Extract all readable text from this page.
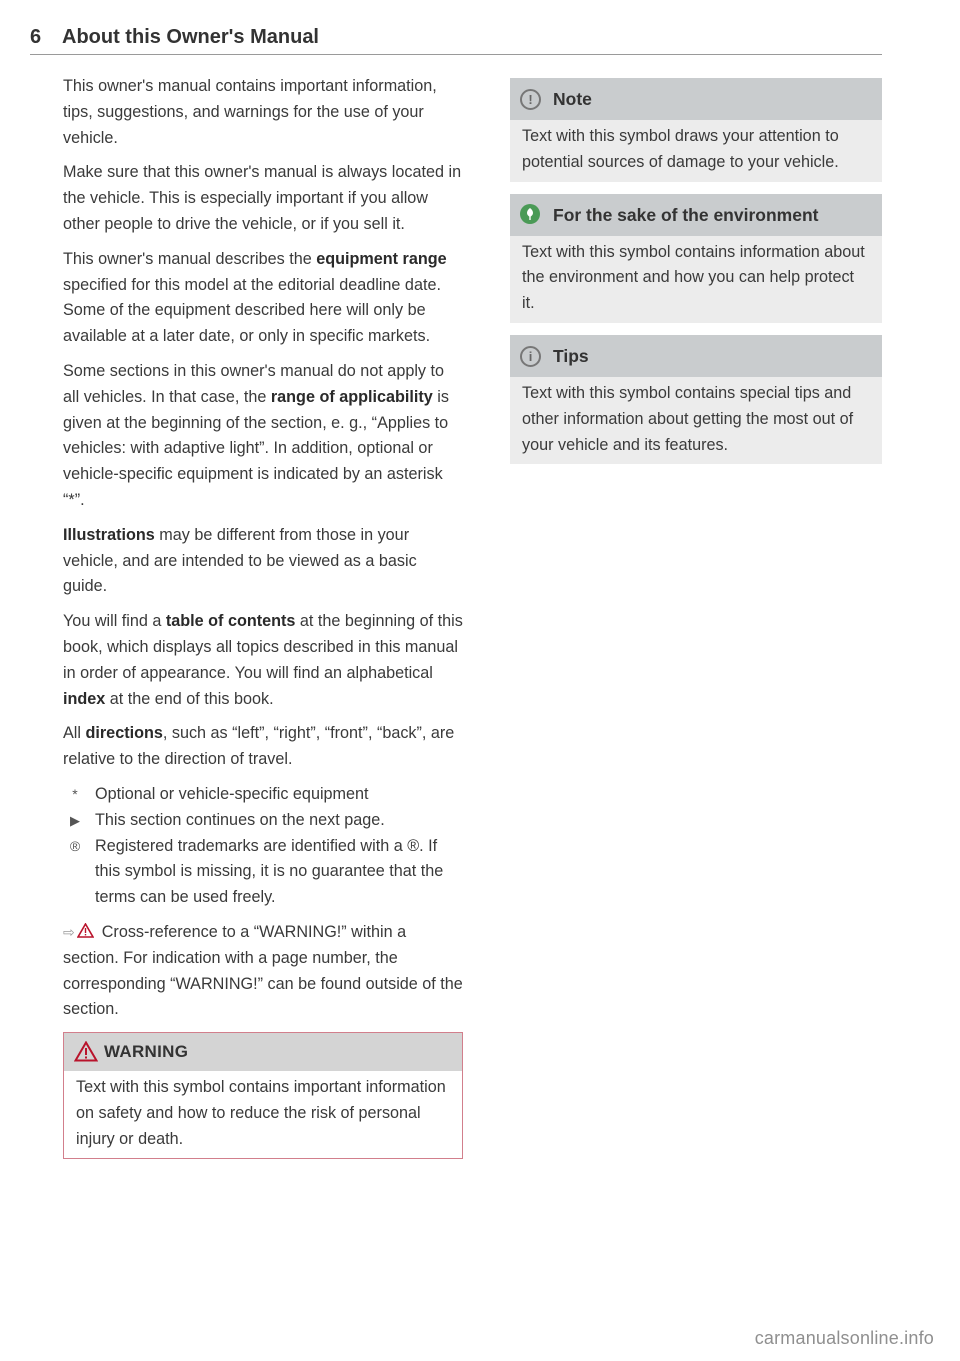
6 About this Owner's Manual

This owner's manual contains important information, tips, suggestions, and warnings for the use of your vehicle.

Make sure that this owner's manual is always located in the vehicle. This is especially important if you allow other people to drive the vehicle, or if you sell it.

This owner's manual describes the equipment range specified for this model at the editorial deadline date. Some of the equipment described here will only be available at a later date, or only in specific markets.

Some sections in this owner's manual do not apply to all vehicles. In that case, the range of applicability is given at the beginning of the section, e. g., “Applies to vehicles: with adaptive light”. In addition, optional or vehicle-specific equipment is indicated by an asterisk “*”.

Illustrations may be different from those in your vehicle, and are intended to be viewed as a basic guide.

You will find a table of contents at the beginning of this book, which displays all topics described in this manual in order of appearance. You will find an alphabetical index at the end of this book.

All directions, such as “left”, “right”, “front”, “back”, are relative to the direction of travel.

*	Optional or vehicle-specific equipment
▶ This section continues on the next page.
® Registered trademarks are identified with a ®. If this symbol is missing, it is no guarantee that the terms can be used freely.

⇨ Cross-reference to a “WARNING!” within a section. For indication with a page number, the corresponding “WARNING!” can be found outside of the section.

WARNING
Text with this symbol contains important information on safety and how to reduce the risk of personal injury or death.
!	Note
Text with this symbol draws your attention to potential sources of damage to your vehicle.
For the sake of the environment
Text with this symbol contains information about the environment and how you can help protect it.
i	Tips
Text with this symbol contains special tips and other information about getting the most out of your vehicle and its features.
carmanualsonline.info
